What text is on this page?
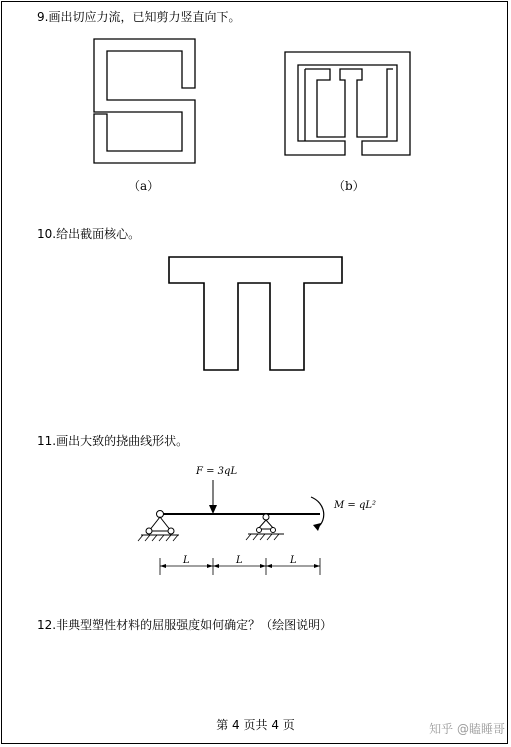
9.画出切应力流，已知剪力竖直向下。
10.给出截面核心。
11.画出大致的挠曲线形状。
12.非典型塑性材料的屈服强度如何确定？（绘图说明）
（a）	（b）
F = 3qL
M = qL²
L	L	L
第 4 页共 4 页	知乎 @瞌睡哥
